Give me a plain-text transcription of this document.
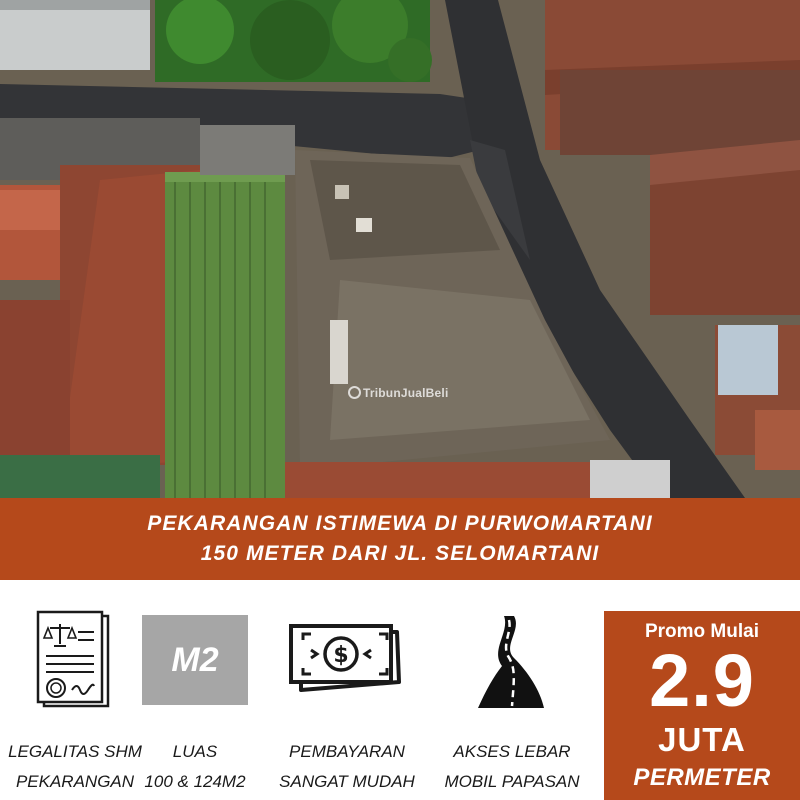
TribunJualBeli
PEKARANGAN ISTIMEWA DI PURWOMARTANI
150 METER DARI JL. SELOMARTANI
LEGALITAS SHM
PEKARANGAN
M2
LUAS
100 & 124M2
$
PEMBAYARAN
SANGAT MUDAH
AKSES LEBAR
MOBIL PAPASAN
Promo Mulai
2.9
JUTA
PERMETER
